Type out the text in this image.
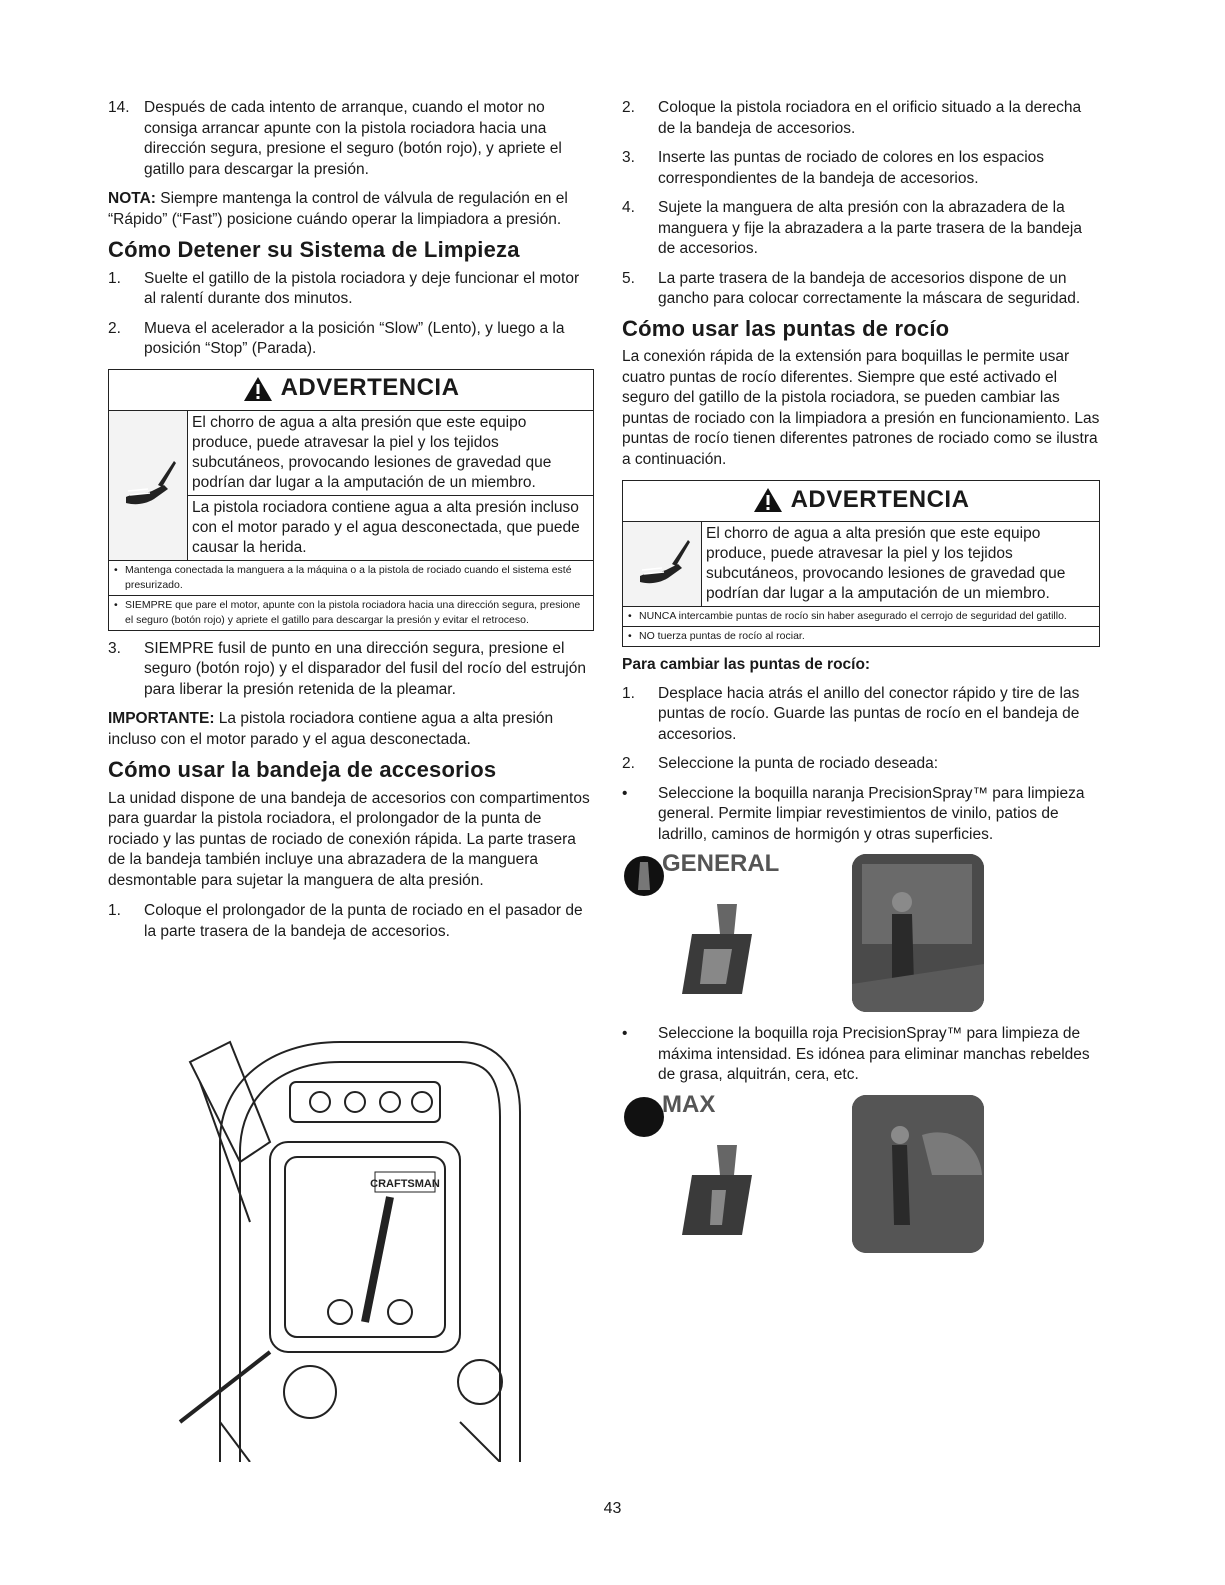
14. Después de cada intento de arranque, cuando el motor no consiga arrancar apunte con la pistola rociadora hacia una dirección segura, presione el seguro (botón rojo), y apriete el gatillo para descargar la presión.
NOTA: Siempre mantenga la control de válvula de regulación en el “Rápido” (“Fast”) posicione cuándo operar la limpiadora a presión.
Cómo Detener su Sistema de Limpieza
1.	Suelte el gatillo de la pistola rociadora y deje funcionar el motor al ralentí durante dos minutos.
2.	Mueva el acelerador a la posición “Slow” (Lento), y luego a la posición “Stop” (Parada).
ADVERTENCIA

El chorro de agua a alta presión que este equipo produce, puede atravesar la piel y los tejidos subcutáneos, provocando lesiones de gravedad que podrían dar lugar a la amputación de un miembro.

La pistola rociadora contiene agua a alta presión incluso con el motor parado y el agua desconectada, que puede causar la herida.

• Mantenga conectada la manguera a la máquina o a la pistola de rociado cuando el sistema esté presurizado.
• SIEMPRE que pare el motor, apunte con la pistola rociadora hacia una dirección segura, presione el seguro (botón rojo) y apriete el gatillo para descargar la presión y evitar el retroceso.
3.	SIEMPRE fusil de punto en una dirección segura, presione el seguro (botón rojo) y el disparador del fusil del rocío del estrujón para liberar la presión retenida de la pleamar.
IMPORTANTE: La pistola rociadora contiene agua a alta presión incluso con el motor parado y el agua desconectada.
Cómo usar la bandeja de accesorios
La unidad dispone de una bandeja de accesorios con compartimentos para guardar la pistola rociadora, el prolongador de la punta de rociado y las puntas de rociado de conexión rápida. La parte trasera de la bandeja también incluye una abrazadera de la manguera desmontable para sujetar la manguera de alta presión.
1.	Coloque el prolongador de la punta de rociado en el pasador de la parte trasera de la bandeja de accesorios.
CRAFTSMAN
2.	Coloque la pistola rociadora en el orificio situado a la derecha de la bandeja de accesorios.
3.	Inserte las puntas de rociado de colores en los espacios correspondientes de la bandeja de accesorios.
4.	Sujete la manguera de alta presión con la abrazadera de la manguera y fije la abrazadera a la parte trasera de la bandeja de accesorios.
5.	La parte trasera de la bandeja de accesorios dispone de un gancho para colocar correctamente la máscara de seguridad.
Cómo usar las puntas de rocío
La conexión rápida de la extensión para boquillas le permite usar cuatro puntas de rocío diferentes. Siempre que esté activado el seguro del gatillo de la pistola rociadora, se pueden cambiar las puntas de rociado con la limpiadora a presión en funcionamiento. Las puntas de rocío tienen diferentes patrones de rociado como se ilustra a continuación.
ADVERTENCIA

El chorro de agua a alta presión que este equipo produce, puede atravesar la piel y los tejidos subcutáneos, provocando lesiones de gravedad que podrían dar lugar a la amputación de un miembro.

• NUNCA intercambie puntas de rocío sin haber asegurado el cerrojo de seguridad del gatillo.
• NO tuerza puntas de rocío al rociar.
Para cambiar las puntas de rocío:
1.	Desplace hacia atrás el anillo del conector rápido y tire de las puntas de rocío. Guarde las puntas de rocío en el bandeja de accesorios.
2.	Seleccione la punta de rociado deseada:
•	Seleccione la boquilla naranja PrecisionSpray™ para limpieza general. Permite limpiar revestimientos de vinilo, patios de ladrillo, caminos de hormigón y otras superficies.
GENERAL
•	Seleccione la boquilla roja PrecisionSpray™ para limpieza de máxima intensidad. Es idónea para eliminar manchas rebeldes de grasa, alquitrán, cera, etc.
MAX
43
